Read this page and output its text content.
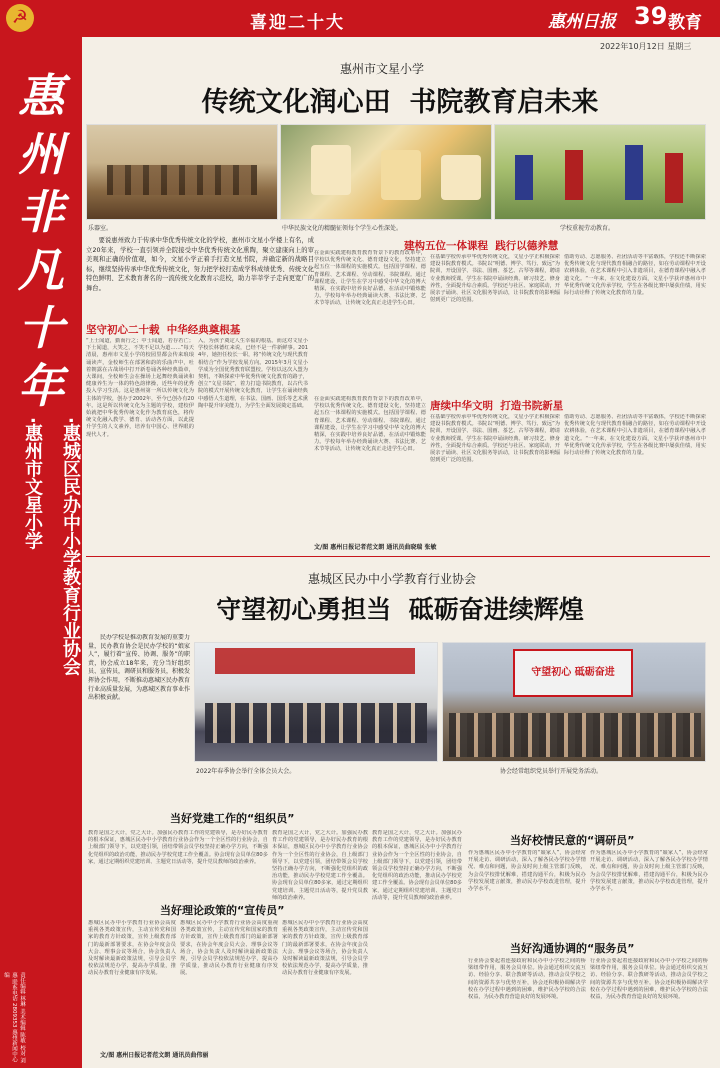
☭	喜迎二十大	惠州日报 39 教育
2022年10月12日 星期三
惠
州
非
凡
十
年
·惠城区民办中小学教育行业协会
·惠州市文星小学
责任编辑 林琳 美术编辑 陈敏 校对 刘惠 联系电话 2809353 惠州新闻中心编
惠州市文星小学
传统文化润心田  书院教育启未来
乐器室。	中华民族文化的精髓征领每个学生心性深处。	学校重视劳动教育。
要说惠州致力于传承中华优秀传统文化的学校，惠州市文星小学楼上有名，成立20年来，学校一直引领并全院接受中华优秀传统文化熏陶，聚立建康向上的审美观和正确的价值观，如今，文星小学正着手打造文星书院，并确定新的战略目标，继续坚持传承中华优秀传统文化，努力把学校打造成学科成绩优秀、传统文化特色鲜明、艺术教育著名的一流传统文化教育示范校，助力莘莘学子走向更宽广的舞台。
坚守初心二十载  中华经典奠根基
“上士闻道，勤而行之；中士闻道，若存若亡；下士闻道，大笑之，不笑不足以为道……”每天清晨，惠州市文星小学的校园里都会传来琅琅诵读声，金校师生在部署和韵的乐曲声中，吐着朝露在古战场中打开新卷诵各种经典篇章，大课间，全校师生会在操场上起舞经典诵读和健康养生为一体的特色韵律操，近些年的优秀投入学习生活。这是惠州第一所以传统文化为主体的学校，创办于2002年，至今已创办有20年。这是所以传统文化为主题的学校，建校伊始就把中华优秀传统文化作为教育底色，将传统文化融入教学、德育、活动各方面，以此提升学生的人文素养，培养有中国心、世界眼的现代人才。
入，为孩子奠定人生幸福的根基。而这对文星小学校长林德红来说，已经不是一件新鲜事。2014年，她担任校长一职，将“传统文化与现代教育相结合”作为学校发展方向。2015年3月文星小学成为全国优秀教育联盟校。学校以这次入盟为契机，不断探索中华优秀传统文化教育的路子，创立“文星书院”，着力打造书院教育，以古代书院的模式开展传统文化教育，让学生在诵读经典中感悟人生道理，在书法、国画、国乐等艺术熏陶中提升审美能力，为学生全面发展奠定基础。
在金面实践建构教育教育背景下的教育改革中，学校以优秀传统文化、德育建设文化，坚持建立起五位一体课程的实施模式。包括国学课程、德育课程、艺术课程、劳动课程、书院课程。通过课程建设，让学生在学习中感受中华文化的博大精深，在实践中培养良好品德，在活动中锻炼能力。学校每年举办经典诵读大赛、书法比赛、艺术节等活动，让传统文化真正走进学生心田。
建构五位一体课程  践行以德养慧
在基础学校传承中华优秀传统文化，文星小学正积极探索建设书院教育模式。书院以“明德、博学、笃行、致远”为院训，开设国学、书法、国画、茶艺、古琴等课程，聘请专业教师授课。学生在书院中诵读经典、研习技艺、修身养性，全面提升综合素质。学校还与社区、家庭联动，开展亲子诵读、社区文化服务等活动，让书院教育的影响辐射到更广泛的范围。
借助劳动、志愿服务、社团活动等丰富载体，学校还不断探索优秀传统文化与现代教育相融合的路径，如在劳动课程中开设农耕体验，在艺术课程中引入非遗项目，在德育课程中融入孝道文化。“一年来，在文化建设方面，文星小学获评惠州市中华优秀传统文化传承学校，学生在各级比赛中屡获佳绩，用实际行动诠释了传统文化教育的力量。
唐续中华文明  打造书院新星
在金面实践建构教育教育背景下的教育改革中，学校以优秀传统文化、德育建设文化，坚持建立起五位一体课程的实施模式。包括国学课程、德育课程、艺术课程、劳动课程、书院课程。通过课程建设，让学生在学习中感受中华文化的博大精深，在实践中培养良好品德，在活动中锻炼能力。学校每年举办经典诵读大赛、书法比赛、艺术节等活动，让传统文化真正走进学生心田。
在基础学校传承中华优秀传统文化，文星小学正积极探索建设书院教育模式。书院以“明德、博学、笃行、致远”为院训，开设国学、书法、国画、茶艺、古琴等课程，聘请专业教师授课。学生在书院中诵读经典、研习技艺、修身养性，全面提升综合素质。学校还与社区、家庭联动，开展亲子诵读、社区文化服务等活动，让书院教育的影响辐射到更广泛的范围。
借助劳动、志愿服务、社团活动等丰富载体，学校还不断探索优秀传统文化与现代教育相融合的路径，如在劳动课程中开设农耕体验，在艺术课程中引入非遗项目，在德育课程中融入孝道文化。“一年来，在文化建设方面，文星小学获评惠州市中华优秀传统文化传承学校，学生在各级比赛中屡获佳绩，用实际行动诠释了传统文化教育的力量。
文/图 惠州日报记者范文朗 通讯员曲晓瑞 张敏
惠城区民办中小学教育行业协会
守望初心勇担当  砥砺奋进续辉煌
民办学校是推动教育发展的重要力量，民办教育协会是民办学校的“娘家人”，履行着“宣传、协调、服务”的职责，协会成立18年来，充分当好组织员、宣传员，调研员和服务员，积极发挥协会作用，不断推动惠城区民办教育行业高质量发展，为惠城区教育事业作出积极贡献。
守望初心 砥砺奋进
2022年春季协会举行全体会员大会。	协会经常组织党员举行开展党务活动。
当好党建工作的“组织员”
教育是国之大计，党之大计。加强民办教育工作的党建领导，是办好民办教育的根本保证，惠城区民办中小学教育行业协会作为一个全区性的行业协会，自上级部门领导下，以党建引领，团结带领会员学校坚持正确办学方向，不断强化党组织的政治功能，推动民办学校党建工作全覆盖。协会现有会员单位80多家，通过定期组织党建培训、主题党日活动等，提升党员教师的政治素养。
教育是国之大计，党之大计。加强民办教育工作的党建领导，是办好民办教育的根本保证，惠城区民办中小学教育行业协会作为一个全区性的行业协会，自上级部门领导下，以党建引领，团结带领会员学校坚持正确办学方向，不断强化党组织的政治功能，推动民办学校党建工作全覆盖。协会现有会员单位80多家，通过定期组织党建培训、主题党日活动等，提升党员教师的政治素养。
当好理论政策的“宣传员”
惠城区民办中小学教育行业协会高度重视各类政策宣传，主动宣传党和国家的教育方针政策，宣传上级教育部门的最新部署要求，在协会年度会员大会、理事会议等场合，协会负责人及时解读最新政策法规，引导会员学校依法规范办学，提高办学质量，推动民办教育行业健康有序发展。
惠城区民办中小学教育行业协会高度重视各类政策宣传，主动宣传党和国家的教育方针政策，宣传上级教育部门的最新部署要求，在协会年度会员大会、理事会议等场合，协会负责人及时解读最新政策法规，引导会员学校依法规范办学，提高办学质量，推动民办教育行业健康有序发展。
惠城区民办中小学教育行业协会高度重视各类政策宣传，主动宣传党和国家的教育方针政策，宣传上级教育部门的最新部署要求，在协会年度会员大会、理事会议等场合，协会负责人及时解读最新政策法规，引导会员学校依法规范办学，提高办学质量，推动民办教育行业健康有序发展。
教育是国之大计，党之大计。加强民办教育工作的党建领导，是办好民办教育的根本保证，惠城区民办中小学教育行业协会作为一个全区性的行业协会，自上级部门领导下，以党建引领，团结带领会员学校坚持正确办学方向，不断强化党组织的政治功能，推动民办学校党建工作全覆盖。协会现有会员单位80多家，通过定期组织党建培训、主题党日活动等，提升党员教师的政治素养。
当好校情民意的“调研员”
作为惠城区民办中小学教育的“娘家人”，协会经常开展走访、调研活动，深入了解各民办学校办学情况、难点和问题，协会及时向上级主管部门反映，为会员学校排忧解难，搭建沟通平台，积极为民办学校发展建言献策，推动民办学校改进管理，提升办学水平。
作为惠城区民办中小学教育的“娘家人”，协会经常开展走访、调研活动，深入了解各民办学校办学情况、难点和问题，协会及时向上级主管部门反映，为会员学校排忧解难，搭建沟通平台，积极为民办学校发展建言献策，推动民办学校改进管理，提升办学水平。
当好沟通协调的“服务员”
行业协会要起着连接政府和民办中小学校之间的桥梁纽带作用，服务会员单位。协会通过组织交流互访、经验分享、联合教研等活动，推动会员学校之间的资源共享与优势互补，协会还积极协调解决学校在办学过程中遇到的困难，维护民办学校的合法权益，为民办教育营造良好的发展环境。
行业协会要起着连接政府和民办中小学校之间的桥梁纽带作用，服务会员单位。协会通过组织交流互访、经验分享、联合教研等活动，推动会员学校之间的资源共享与优势互补，协会还积极协调解决学校在办学过程中遇到的困难，维护民办学校的合法权益，为民办教育营造良好的发展环境。
文/图 惠州日报记者范文朗 通讯员曲伟丽
